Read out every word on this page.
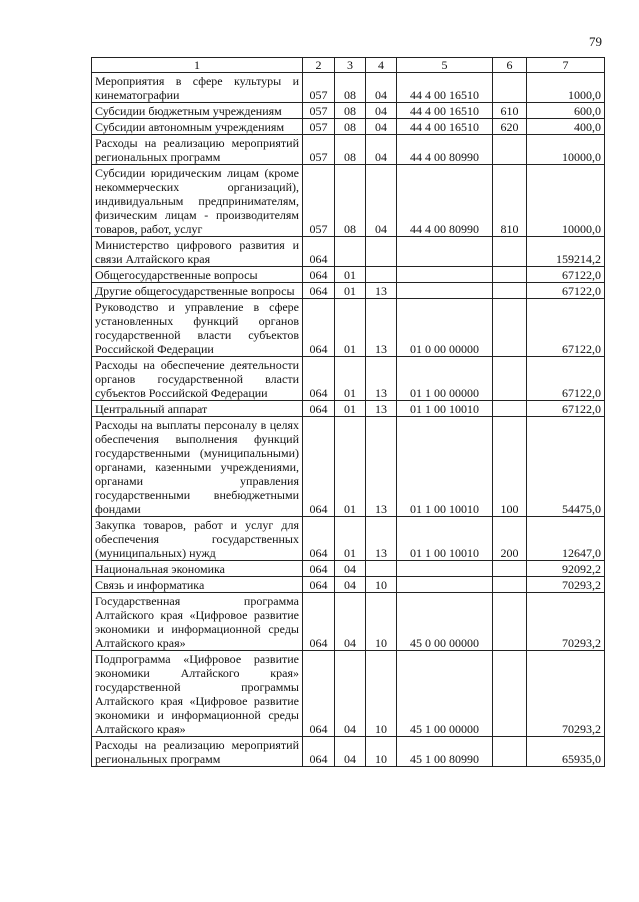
79
1	2	3	4	5	6	7
Мероприятия в сфере культуры и кинематографии	057	08	04	44 4 00 16510		1000,0
Субсидии бюджетным учреждениям	057	08	04	44 4 00 16510	610	600,0
Субсидии автономным учреждениям	057	08	04	44 4 00 16510	620	400,0
Расходы на реализацию мероприятий региональных программ	057	08	04	44 4 00 80990		10000,0
Субсидии юридическим лицам (кроме некоммерческих организаций), индивидуальным предпринимателям, физическим лицам - производителям товаров, работ, услуг	057	08	04	44 4 00 80990	810	10000,0
Министерство цифрового развития и связи Алтайского края	064					159214,2
Общегосударственные вопросы	064	01				67122,0
Другие общегосударственные вопросы	064	01	13			67122,0
Руководство и управление в сфере установленных функций органов государственной власти субъектов Российской Федерации	064	01	13	01 0 00 00000		67122,0
Расходы на обеспечение деятельности органов государственной власти субъектов Российской Федерации	064	01	13	01 1 00 00000		67122,0
Центральный аппарат	064	01	13	01 1 00 10010		67122,0
Расходы на выплаты персоналу в целях обеспечения выполнения функций государственными (муниципальными) органами, казенными учреждениями, органами управления государственными внебюджетными фондами	064	01	13	01 1 00 10010	100	54475,0
Закупка товаров, работ и услуг для обеспечения государственных (муниципальных) нужд	064	01	13	01 1 00 10010	200	12647,0
Национальная экономика	064	04				92092,2
Связь и информатика	064	04	10			70293,2
Государственная программа Алтайского края «Цифровое развитие экономики и информационной среды Алтайского края»	064	04	10	45 0 00 00000		70293,2
Подпрограмма «Цифровое развитие экономики Алтайского края» государственной программы Алтайского края «Цифровое развитие экономики и информационной среды Алтайского края»	064	04	10	45 1 00 00000		70293,2
Расходы на реализацию мероприятий региональных программ	064	04	10	45 1 00 80990		65935,0
